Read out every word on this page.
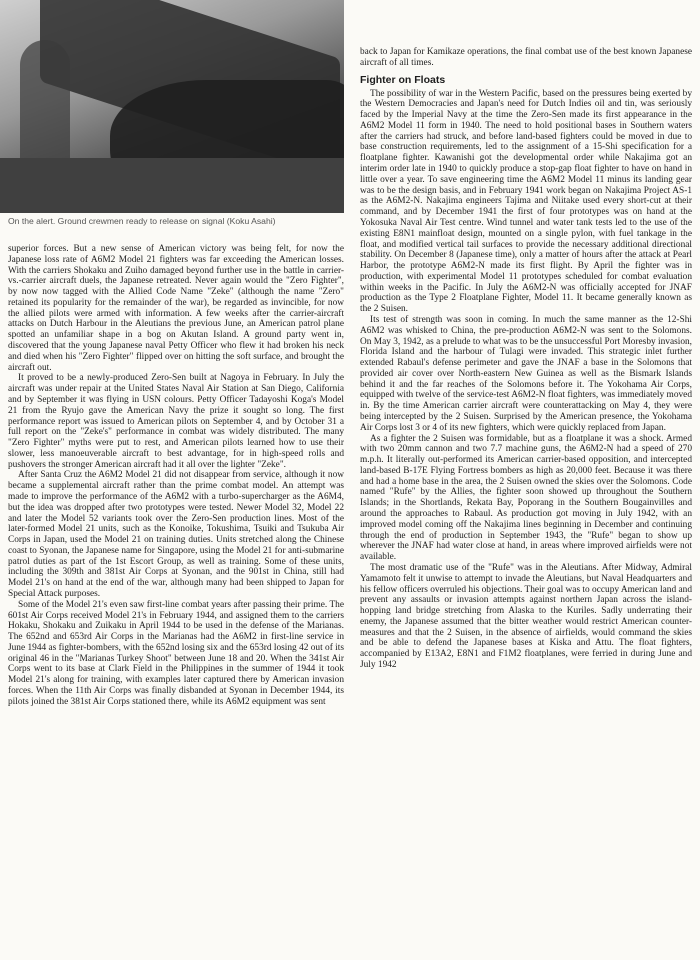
On the alert. Ground crewmen ready to release on signal (Koku Asahi)

superior forces. But a new sense of American victory was being felt, for now the Japanese loss rate of A6M2 Model 21 fighters was far exceeding the American losses. With the carriers Shokaku and Zuiho damaged beyond further use in the battle in carrier-vs.-carrier aircraft duels, the Japanese retreated. Never again would the "Zero Fighter", by now now tagged with the Allied Code Name "Zeke" (although the name "Zero" retained its popularity for the remainder of the war), be regarded as invincible, for now the allied pilots were armed with information. A few weeks after the carrier-aircraft attacks on Dutch Harbour in the Aleutians the previous June, an American patrol plane spotted an unfamiliar shape in a bog on Akutan Island. A ground party went in, discovered that the young Japanese naval Petty Officer who flew it had broken his neck and died when his "Zero Fighter" flipped over on hitting the soft surface, and brought the aircraft out.

It proved to be a newly-produced Zero-Sen built at Nagoya in February. In July the aircraft was under repair at the United States Naval Air Station at San Diego, California and by September it was flying in USN colours. Petty Officer Tadayoshi Koga's Model 21 from the Ryujo gave the American Navy the prize it sought so long. The first performance report was issued to American pilots on September 4, and by October 31 a full report on the "Zeke's" performance in combat was widely distributed. The many "Zero Fighter" myths were put to rest, and American pilots learned how to use their slower, less manoeuverable aircraft to best advantage, for in high-speed rolls and pushovers the stronger American aircraft had it all over the lighter "Zeke".

After Santa Cruz the A6M2 Model 21 did not disappear from service, although it now became a supplemental aircraft rather than the prime combat model. An attempt was made to improve the performance of the A6M2 with a turbo-supercharger as the A6M4, but the idea was dropped after two prototypes were tested. Newer Model 32, Model 22 and later the Model 52 variants took over the Zero-Sen production lines. Most of the later-formed Model 21 units, such as the Konoike, Tokushima, Tsuiki and Tsukuba Air Corps in Japan, used the Model 21 on training duties. Units stretched along the Chinese coast to Syonan, the Japanese name for Singapore, using the Model 21 for anti-submarine patrol duties as part of the 1st Escort Group, as well as training. Some of these units, including the 309th and 381st Air Corps at Syonan, and the 901st in China, still had Model 21's on hand at the end of the war, although many had been shipped to Japan for Special Attack purposes.

Some of the Model 21's even saw first-line combat years after passing their prime. The 601st Air Corps received Model 21's in February 1944, and assigned them to the carriers Hokaku, Shokaku and Zuikaku in April 1944 to be used in the defense of the Marianas. The 652nd and 653rd Air Corps in the Marianas had the A6M2 in first-line service in June 1944 as fighter-bombers, with the 652nd losing six and the 653rd losing 42 out of its original 46 in the "Marianas Turkey Shoot" between June 18 and 20. When the 341st Air Corps went to its base at Clark Field in the Philippines in the summer of 1944 it took Model 21's along for training, with examples later captured there by American invasion forces. When the 11th Air Corps was finally disbanded at Syonan in December 1944, its pilots joined the 381st Air Corps stationed there, while its A6M2 equipment was sent

back to Japan for Kamikaze operations, the final combat use of the best known Japanese aircraft of all times.

Fighter on Floats

The possibility of war in the Western Pacific, based on the pressures being exerted by the Western Democracies and Japan's need for Dutch Indies oil and tin, was seriously faced by the Imperial Navy at the time the Zero-Sen made its first appearance in the A6M2 Model 11 form in 1940. The need to hold positional bases in Southern waters after the carriers had struck, and before land-based fighters could be moved in due to base construction requirements, led to the assignment of a 15-Shi specification for a floatplane fighter. Kawanishi got the developmental order while Nakajima got an interim order late in 1940 to quickly produce a stop-gap float fighter to have on hand in little over a year. To save engineering time the A6M2 Model 11 minus its landing gear was to be the design basis, and in February 1941 work began on Nakajima Project AS-1 as the A6M2-N. Nakajima engineers Tajima and Niitake used every short-cut at their command, and by December 1941 the first of four prototypes was on hand at the Yokosuka Naval Air Test centre. Wind tunnel and water tank tests led to the use of the existing E8N1 mainfloat design, mounted on a single pylon, with fuel tankage in the float, and modified vertical tail surfaces to provide the necessary additional directional stability. On December 8 (Japanese time), only a matter of hours after the attack at Pearl Harbor, the prototype A6M2-N made its first flight. By April the fighter was in production, with experimental Model 11 prototypes scheduled for combat evaluation within weeks in the Pacific. In July the A6M2-N was officially accepted for JNAF production as the Type 2 Floatplane Fighter, Model 11. It became generally known as the 2 Suisen.

Its test of strength was soon in coming. In much the same manner as the 12-Shi A6M2 was whisked to China, the pre-production A6M2-N was sent to the Solomons. On May 3, 1942, as a prelude to what was to be the unsuccessful Port Moresby invasion, Florida Island and the harbour of Tulagi were invaded. This strategic inlet further extended Rabaul's defense perimeter and gave the JNAF a base in the Solomons that provided air cover over North-eastern New Guinea as well as the Bismark Islands behind it and the far reaches of the Solomons before it. The Yokohama Air Corps, equipped with twelve of the service-test A6M2-N float fighters, was immediately moved in. By the time American carrier aircraft were counterattacking on May 4, they were being intercepted by the 2 Suisen. Surprised by the American presence, the Yokohama Air Corps lost 3 or 4 of its new fighters, which were quickly replaced from Japan.

As a fighter the 2 Suisen was formidable, but as a floatplane it was a shock. Armed with two 20mm cannon and two 7.7 machine guns, the A6M2-N had a speed of 270 m.p.h. It literally out-performed its American carrier-based opposition, and intercepted land-based B-17E Flying Fortress bombers as high as 20,000 feet. Because it was there and had a home base in the area, the 2 Suisen owned the skies over the Solomons. Code named "Rufe" by the Allies, the fighter soon showed up throughout the Southern Islands; in the Shortlands, Rekata Bay, Poporang in the Southern Bougainvilles and around the approaches to Rabaul. As production got moving in July 1942, with an improved model coming off the Nakajima lines beginning in December and continuing through the end of production in September 1943, the "Rufe" began to show up wherever the JNAF had water close at hand, in areas where improved airfields were not available.

The most dramatic use of the "Rufe" was in the Aleutians. After Midway, Admiral Yamamoto felt it unwise to attempt to invade the Aleutians, but Naval Headquarters and his fellow officers overruled his objections. Their goal was to occupy American land and prevent any assaults or invasion attempts against northern Japan across the island-hopping land bridge stretching from Alaska to the Kuriles. Sadly underrating their enemy, the Japanese assumed that the bitter weather would restrict American counter-measures and that the 2 Suisen, in the absence of airfields, would command the skies and be able to defend the Japanese bases at Kiska and Attu. The float fighters, accompanied by E13A2, E8N1 and F1M2 floatplanes, were ferried in during June and July 1942
